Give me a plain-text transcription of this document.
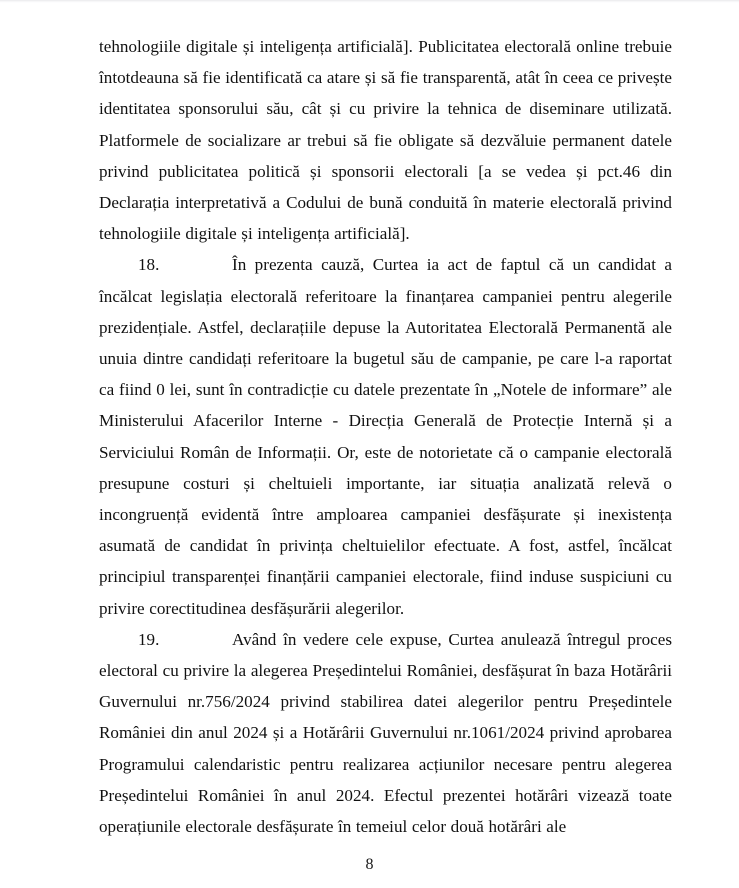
tehnologiile digitale și inteligența artificială]. Publicitatea electorală online trebuie întotdeauna să fie identificată ca atare și să fie transparentă, atât în ceea ce privește identitatea sponsorului său, cât și cu privire la tehnica de diseminare utilizată. Platformele de socializare ar trebui să fie obligate să dezvăluie permanent datele privind publicitatea politică și sponsorii electorali [a se vedea și pct.46 din Declarația interpretativă a Codului de bună conduită în materie electorală privind tehnologiile digitale și inteligența artificială].

18.	În prezenta cauză, Curtea ia act de faptul că un candidat a încălcat legislația electorală referitoare la finanțarea campaniei pentru alegerile prezidențiale. Astfel, declarațiile depuse la Autoritatea Electorală Permanentă ale unuia dintre candidați referitoare la bugetul său de campanie, pe care l-a raportat ca fiind 0 lei, sunt în contradicție cu datele prezentate în „Notele de informare” ale Ministerului Afacerilor Interne - Direcția Generală de Protecție Internă și a Serviciului Român de Informații. Or, este de notorietate că o campanie electorală presupune costuri și cheltuieli importante, iar situația analizată relevă o incongruență evidentă între amploarea campaniei desfășurate și inexistența asumată de candidat în privința cheltuielilor efectuate. A fost, astfel, încălcat principiul transparenței finanțării campaniei electorale, fiind induse suspiciuni cu privire corectitudinea desfășurării alegerilor.

19.	Având în vedere cele expuse, Curtea anulează întregul proces electoral cu privire la alegerea Președintelui României, desfășurat în baza Hotărârii Guvernului nr.756/2024 privind stabilirea datei alegerilor pentru Președintele României din anul 2024 și a Hotărârii Guvernului nr.1061/2024 privind aprobarea Programului calendaristic pentru realizarea acțiunilor necesare pentru alegerea Președintelui României în anul 2024. Efectul prezentei hotărâri vizează toate operațiunile electorale desfășurate în temeiul celor două hotărâri ale

8
